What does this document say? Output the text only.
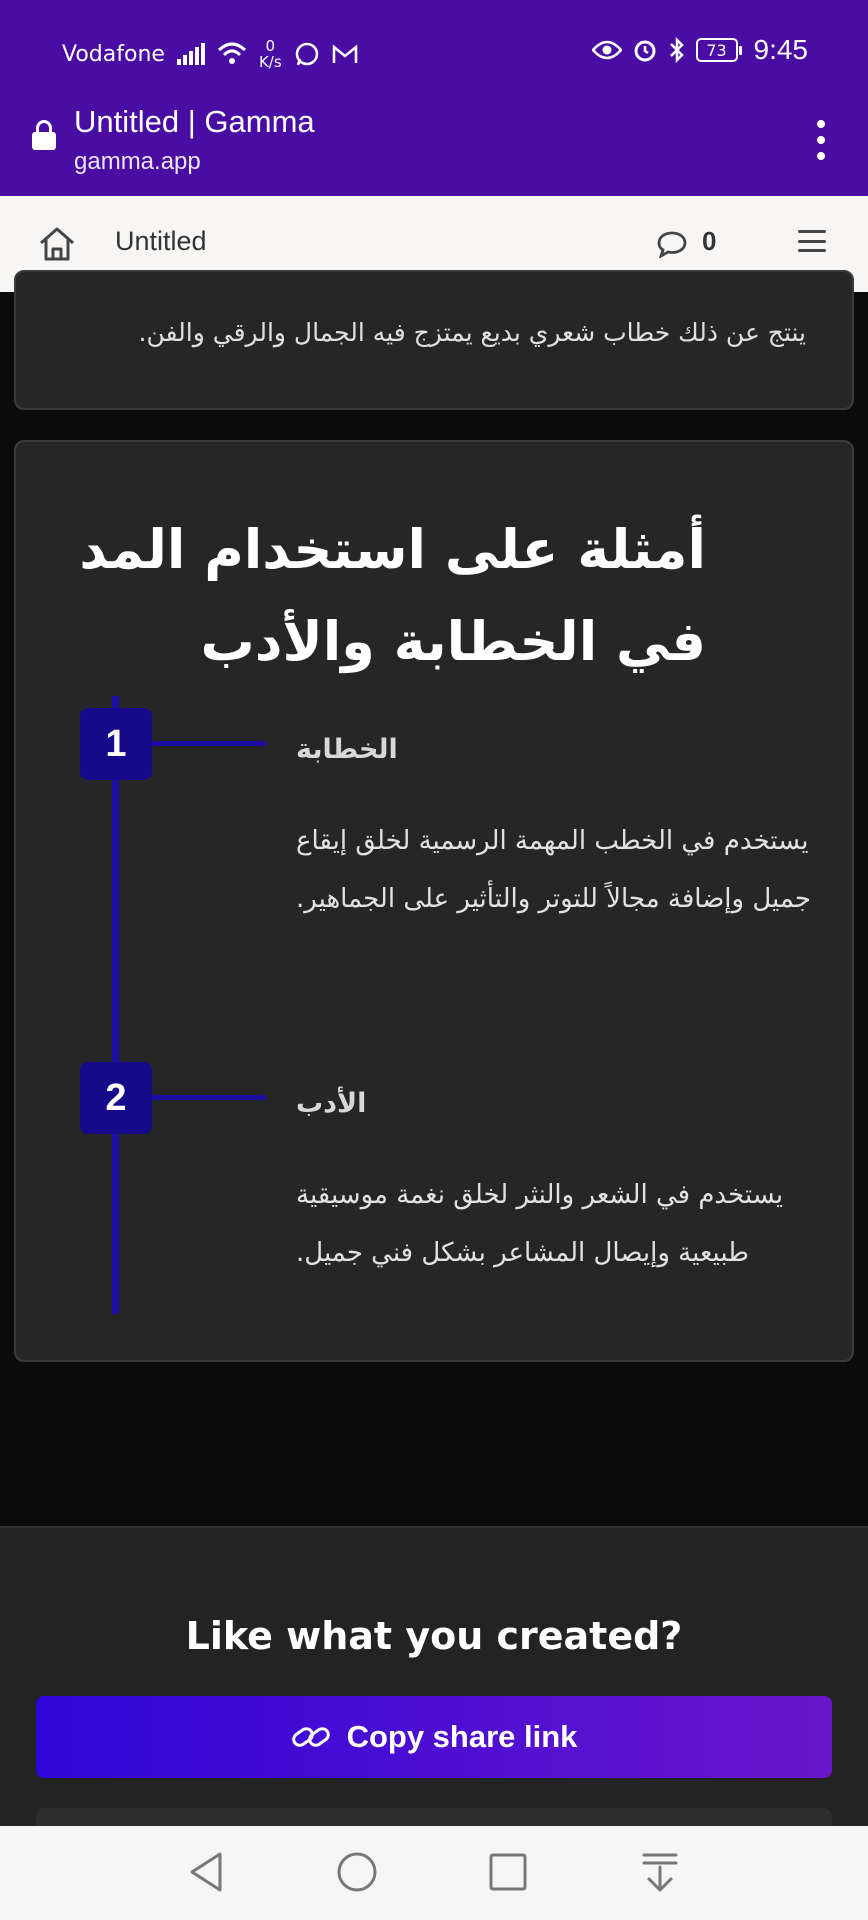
Vodafone	0
K/s
73 9:45
Untitled | Gamma
gamma.app
Untitled	0
ينتج عن ذلك خطاب شعري بديع يمتزج فيه الجمال والرقي والفن.
أمثلة على استخدام المد في الخطابة والأدب
1	الخطابة
يستخدم في الخطب المهمة الرسمية لخلق إيقاع جميل وإضافة مجالاً للتوتر والتأثير على الجماهير.
2	الأدب
يستخدم في الشعر والنثر لخلق نغمة موسيقية طبيعية وإيصال المشاعر بشكل فني جميل.
Like what you created?
Copy share link
